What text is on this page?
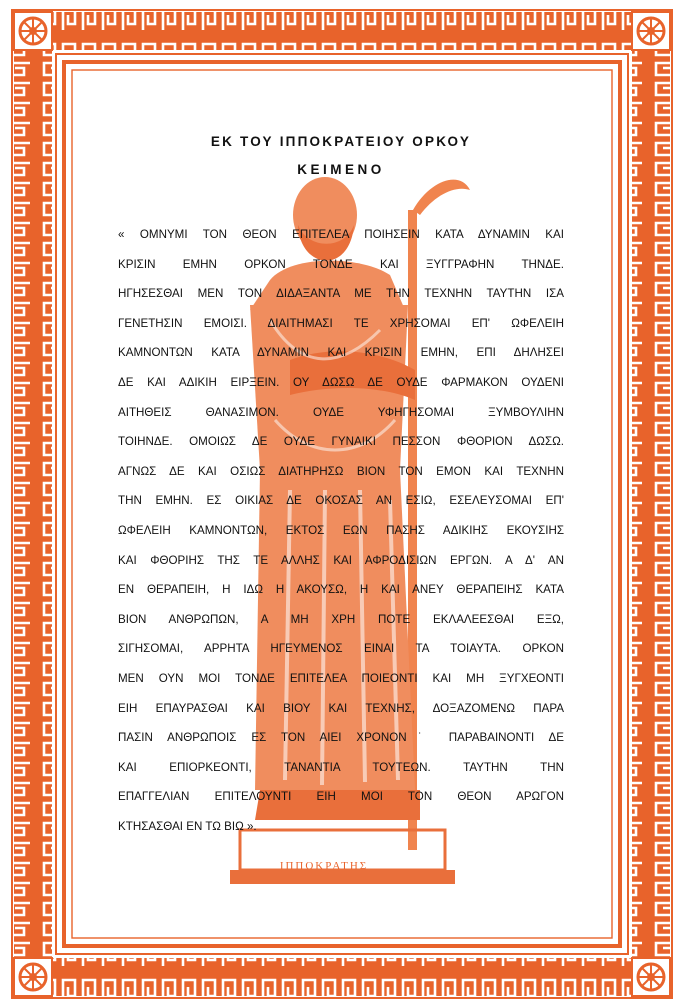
ΕΚ ΤΟΥ ΙΠΠΟΚΡΑΤΕΙΟΥ ΟΡΚΟΥ
ΚΕΙΜΕΝΟ
« ΟΜΝΥΜΙ ΤΟΝ ΘΕΟΝ ΕΠΙΤΕΛΕΑ ΠΟΙΗΣΕΙΝ ΚΑΤΑ ΔΥΝΑΜΙΝ ΚΑΙ
ΚΡΙΣΙΝ ΕΜΗΝ ΟΡΚΟΝ ΤΟΝΔΕ ΚΑΙ ΞΥΓΓΡΑΦΗΝ ΤΗΝΔΕ.
ΗΓΗΣΕΣΘΑΙ ΜΕΝ ΤΟΝ ΔΙΔΑΞΑΝΤΑ ΜΕ ΤΗΝ ΤΕΧΝΗΝ ΤΑΥΤΗΝ ΙΣΑ
ΓΕΝΕΤΗΣΙΝ ΕΜΟΙΣΙ. ΔΙΑΙΤΗΜΑΣΙ ΤΕ ΧΡΗΣΟΜΑΙ ΕΠ' ΩΦΕΛΕΙΗ
ΚΑΜΝΟΝΤΩΝ ΚΑΤΑ ΔΥΝΑΜΙΝ ΚΑΙ ΚΡΙΣΙΝ ΕΜΗΝ, ΕΠΙ ΔΗΛΗΣΕΙ
ΔΕ ΚΑΙ ΑΔΙΚΙΗ ΕΙΡΞΕΙΝ. ΟΥ ΔΩΣΩ ΔΕ ΟΥΔΕ ΦΑΡΜΑΚΟΝ ΟΥΔΕΝΙ
ΑΙΤΗΘΕΙΣ ΘΑΝΑΣΙΜΟΝ. ΟΥΔΕ ΥΦΗΓΗΣΟΜΑΙ ΞΥΜΒΟΥΛΙΗΝ
ΤΟΙΗΝΔΕ. ΟΜΟΙΩΣ ΔΕ ΟΥΔΕ ΓΥΝΑΙΚΙ ΠΕΣΣΟΝ ΦΘΟΡΙΟΝ ΔΩΣΩ.
ΑΓΝΩΣ ΔΕ ΚΑΙ ΟΣΙΩΣ ΔΙΑΤΗΡΗΣΩ ΒΙΟΝ ΤΟΝ ΕΜΟΝ ΚΑΙ ΤΕΧΝΗΝ
ΤΗΝ ΕΜΗΝ. ΕΣ ΟΙΚΙΑΣ ΔΕ ΟΚΟΣΑΣ ΑΝ ΕΣΙΩ, ΕΣΕΛΕΥΣΟΜΑΙ ΕΠ'
ΩΦΕΛΕΙΗ ΚΑΜΝΟΝΤΩΝ, ΕΚΤΟΣ ΕΩΝ ΠΑΣΗΣ ΑΔΙΚΙΗΣ ΕΚΟΥΣΙΗΣ
ΚΑΙ ΦΘΟΡΙΗΣ ΤΗΣ ΤΕ ΑΛΛΗΣ ΚΑΙ ΑΦΡΟΔΙΣΙΩΝ ΕΡΓΩΝ. Α Δ' ΑΝ
ΕΝ ΘΕΡΑΠΕΙΗ, Η ΙΔΩ Η ΑΚΟΥΣΩ, Η ΚΑΙ ΑΝΕΥ ΘΕΡΑΠΕΙΗΣ ΚΑΤΑ
ΒΙΟΝ ΑΝΘΡΩΠΩΝ, Α ΜΗ ΧΡΗ ΠΟΤΕ ΕΚΛΑΛΕΕΣΘΑΙ ΕΞΩ,
ΣΙΓΗΣΟΜΑΙ, ΑΡΡΗΤΑ ΗΓΕΥΜΕΝΟΣ ΕΙΝΑΙ ΤΑ ΤΟΙΑΥΤΑ. ΟΡΚΟΝ
ΜΕΝ ΟΥΝ ΜΟΙ ΤΟΝΔΕ ΕΠΙΤΕΛΕΑ ΠΟΙΕΟΝΤΙ ΚΑΙ ΜΗ ΞΥΓΧΕΟΝΤΙ
ΕΙΗ ΕΠΑΥΡΑΣΘΑΙ ΚΑΙ ΒΙΟΥ ΚΑΙ ΤΕΧΝΗΣ, ΔΟΞΑΖΟΜΕΝΩ ΠΑΡΑ
ΠΑΣΙΝ ΑΝΘΡΩΠΟΙΣ ΕΣ ΤΟΝ ΑΙΕΙ ΧΡΟΝΟΝ˙ ΠΑΡΑΒΑΙΝΟΝΤΙ ΔΕ
ΚΑΙ ΕΠΙΟΡΚΕΟΝΤΙ, ΤΑΝΑΝΤΙΑ ΤΟΥΤΕΩΝ. ΤΑΥΤΗΝ ΤΗΝ
ΕΠΑΓΓΕΛΙΑΝ ΕΠΙΤΕΛΟΥΝΤΙ ΕΙΗ ΜΟΙ ΤΟΝ ΘΕΟΝ ΑΡΩΓΟΝ
ΚΤΗΣΑΣΘΑΙ ΕΝ ΤΩ ΒΙΩ ».
ΙΠΠΟΚΡΑΤΗΣ
